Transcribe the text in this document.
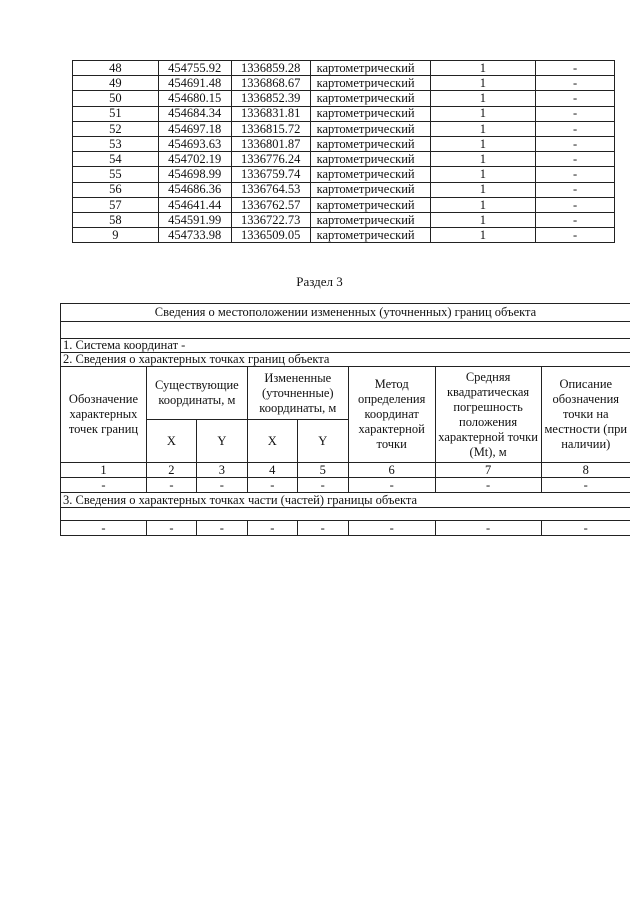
48	454755.92	1336859.28	картометрический	1	-
49	454691.48	1336868.67	картометрический	1	-
50	454680.15	1336852.39	картометрический	1	-
51	454684.34	1336831.81	картометрический	1	-
52	454697.18	1336815.72	картометрический	1	-
53	454693.63	1336801.87	картометрический	1	-
54	454702.19	1336776.24	картометрический	1	-
55	454698.99	1336759.74	картометрический	1	-
56	454686.36	1336764.53	картометрический	1	-
57	454641.44	1336762.57	картометрический	1	-
58	454591.99	1336722.73	картометрический	1	-
9	454733.98	1336509.05	картометрический	1	-
Раздел 3
Сведения о местоположении измененных (уточненных) границ объекта							

1. Система координат -							
2. Сведения о характерных точках границ объекта							
Обозначение характерных точек границ	Существующие координаты, м		Измененные (уточненные) координаты, м		Метод определения координат характерной точки	Средняя квадратическая погрешность положения характерной точки (Mt), м	Описание обозначения точки на местности (при наличии)
	X	Y	X	Y			
1	2	3	4	5	6	7	8
-	-	-	-	-	-	-	-
3. Сведения о характерных точках части (частей) границы объекта							

-	-	-	-	-	-	-	-
